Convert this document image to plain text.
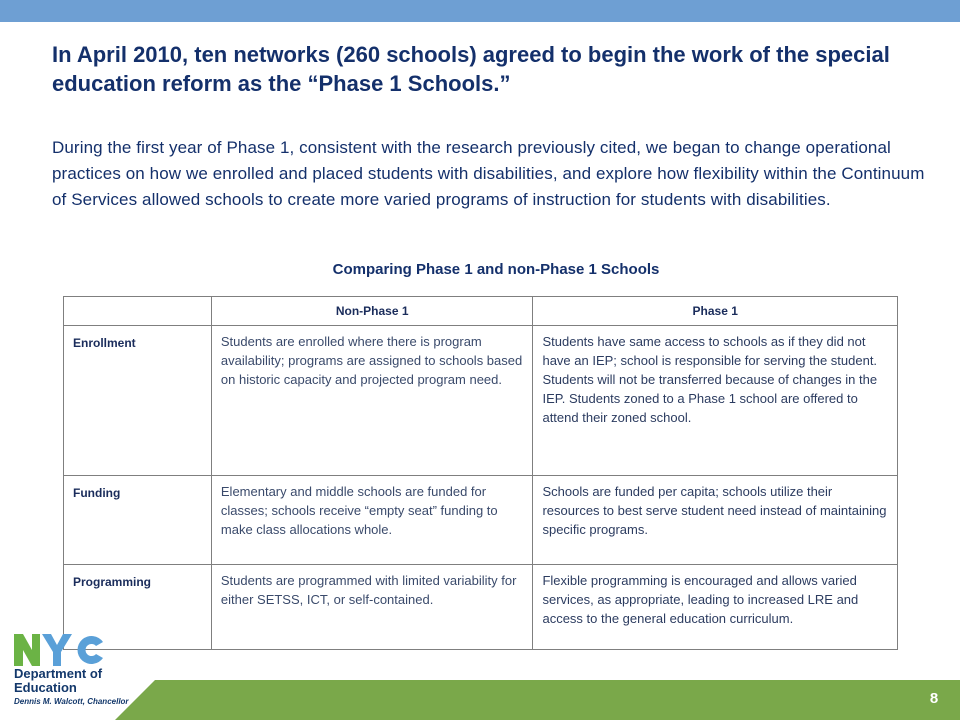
In April 2010, ten networks (260 schools) agreed to begin the work of the special education reform as the “Phase 1 Schools.”

During the first year of Phase 1, consistent with the research previously cited, we began to change operational practices on how we enrolled and placed students with disabilities, and explore how flexibility within the Continuum of Services allowed schools to create more varied programs of instruction for students with disabilities.

Comparing Phase 1 and non-Phase 1 Schools
	Non-Phase 1	Phase 1
Enrollment	Students are enrolled where there is program availability; programs are assigned to schools based on historic capacity and projected program need.	Students have same access to schools as if they did not have an IEP; school is responsible for serving the student. Students will not be transferred because of changes in the IEP. Students zoned to a Phase 1 school are offered to attend their zoned school.
Funding	Elementary and middle schools are funded for classes; schools receive “empty seat” funding to make class allocations whole.	Schools are funded per capita; schools utilize their resources to best serve student need instead of maintaining specific programs.
Programming	Students are programmed with limited variability for either SETSS, ICT, or self-contained.	Flexible programming is encouraged and allows varied services, as appropriate, leading to increased LRE and access to the general education curriculum.
8
Department of
Education
Dennis M. Walcott, Chancellor
